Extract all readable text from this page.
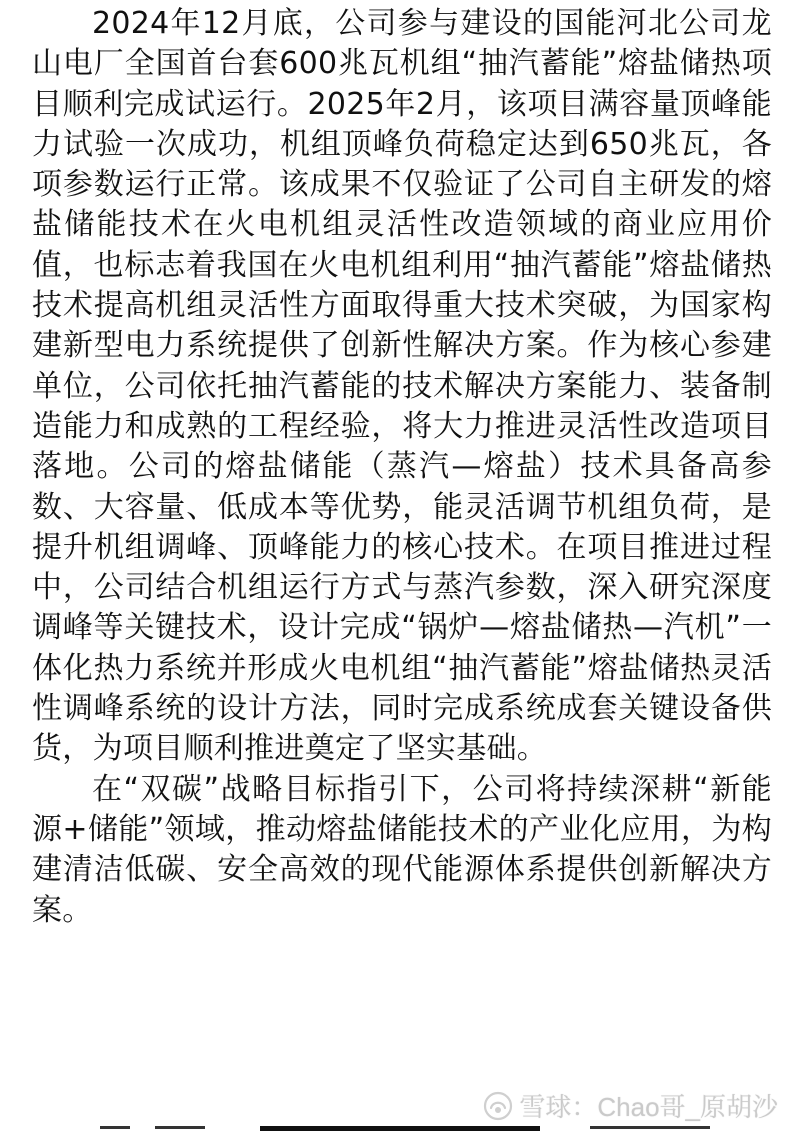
2024年12月底，公司参与建设的国能河北公司龙山电厂全国首台套600兆瓦机组“抽汽蓄能”熔盐储热项目顺利完成试运行。2025年2月，该项目满容量顶峰能力试验一次成功，机组顶峰负荷稳定达到650兆瓦，各项参数运行正常。该成果不仅验证了公司自主研发的熔盐储能技术在火电机组灵活性改造领域的商业应用价值，也标志着我国在火电机组利用“抽汽蓄能”熔盐储热技术提高机组灵活性方面取得重大技术突破，为国家构建新型电力系统提供了创新性解决方案。作为核心参建单位，公司依托抽汽蓄能的技术解决方案能力、装备制造能力和成熟的工程经验，将大力推进灵活性改造项目落地。公司的熔盐储能（蒸汽—熔盐）技术具备高参数、大容量、低成本等优势，能灵活调节机组负荷，是提升机组调峰、顶峰能力的核心技术。在项目推进过程中，公司结合机组运行方式与蒸汽参数，深入研究深度调峰等关键技术，设计完成“锅炉—熔盐储热—汽机”一体化热力系统并形成火电机组“抽汽蓄能”熔盐储热灵活性调峰系统的设计方法，同时完成系统成套关键设备供货，为项目顺利推进奠定了坚实基础。

在“双碳”战略目标指引下，公司将持续深耕“新能源+储能”领域，推动熔盐储能技术的产业化应用，为构建清洁低碳、安全高效的现代能源体系提供创新解决方案。

雪球：Chao哥_原胡沙
